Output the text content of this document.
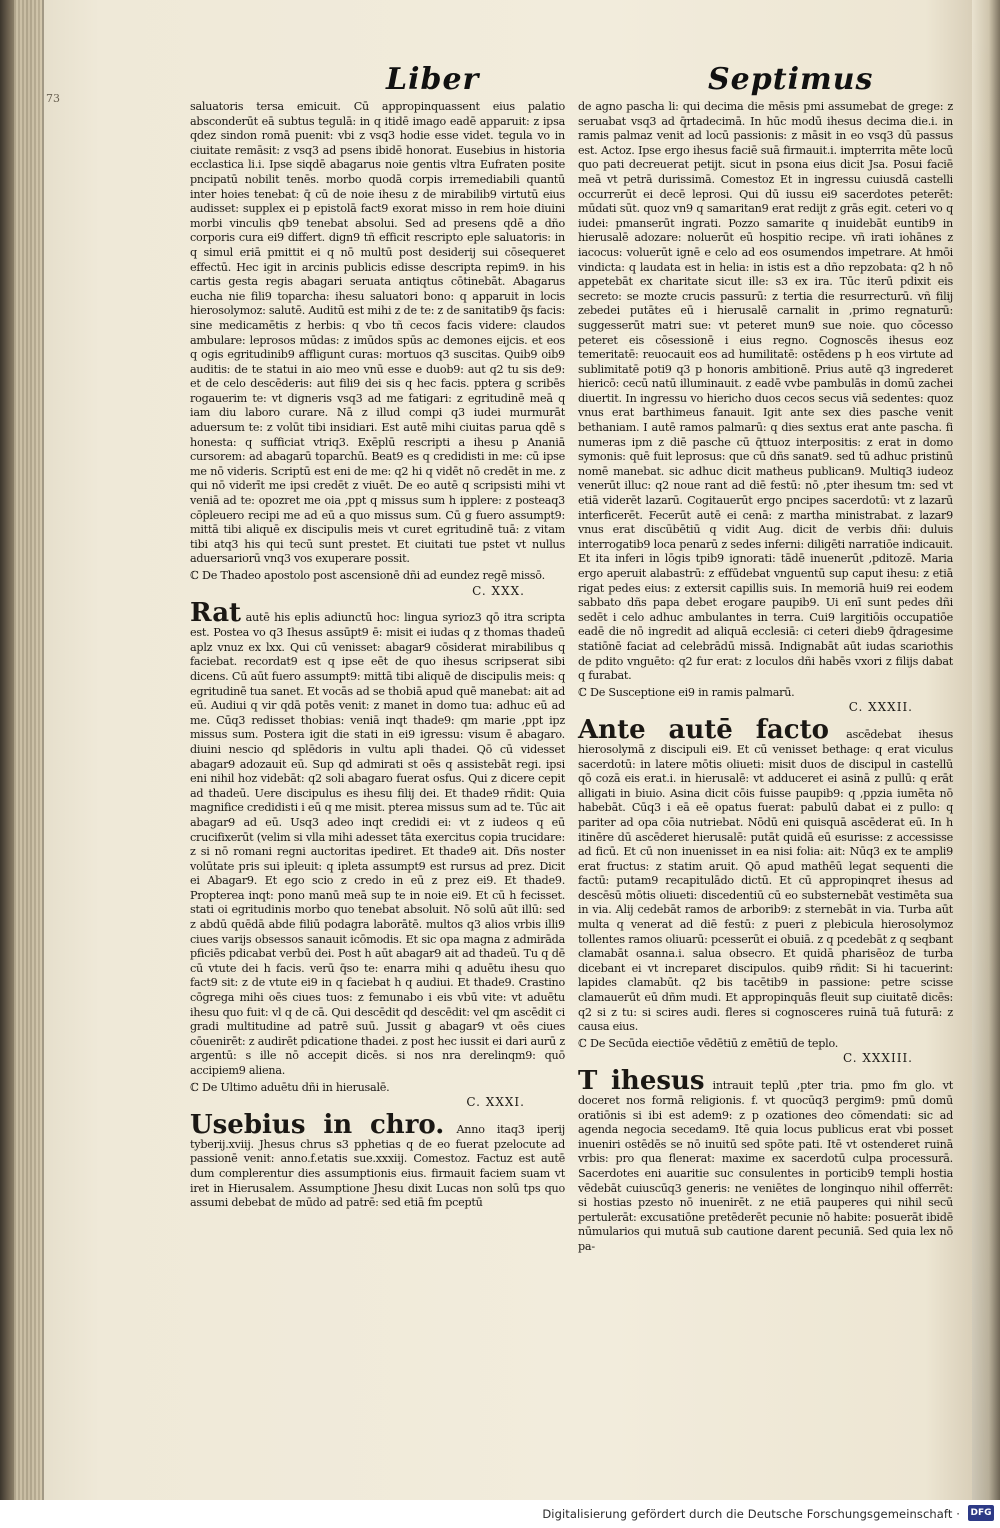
73
Liber	Septimus

saluatoris tersa emicuit. Cū appropinquassent eius palatio absconderūt eā subtus tegulā: in q itidē imago eadē apparuit: z ipsa qdez sindon romā puenit: vbi z vsq3 hodie esse videt. tegula vo in ciuitate remāsit: z vsq3 ad psens ibidē honorat. Eusebius in historia ecclastica li.i. Ipse siqdē abagarus noie gentis vltra Eufraten posite pncipatū nobilit tenēs. morbo quodā corpis irremediabili quantū inter hoies tenebat: q̄ cū de noie ihesu z de mirabilib9 virtutū eius audisset: supplex ei p epistolā fact9 exorat misso in rem hoie diuini morbi vinculis qb9 tenebat absolui. Sed ad presens qdē a dño corporis cura ei9 differt. dign9 tñ efficit rescripto eple saluatoris: in q simul eriā pmittit ei q nō multū post desiderij sui cōsequeret effectū. Hec igit in arcinis publicis edisse descripta repim9. in his cartis gesta regis abagari seruata antiqtus cōtinebāt. Abagarus eucha nie fili9 toparcha: ihesu saluatori bono: q apparuit in locis hierosolymoz: salutē. Auditū est mihi z de te: z de sanitatib9 q̄s facis: sine medicamētis z herbis: q vbo tñ cecos facis videre: claudos ambulare: leprosos mūdas: z imūdos spūs ac demones eijcis. et eos q ogis egritudinib9 affligunt curas: mortuos q3 suscitas. Quib9 oib9 auditis: de te statui in aio meo vnū esse e duob9: aut q2 tu sis de9: et de celo descēderis: aut fili9 dei sis q hec facis. pptera g scribēs rogauerim te: vt digneris vsq3 ad me fatigari: z egritudinē meā q iam diu laboro curare. Nā z illud compi q3 iudei murmurāt aduersum te: z volūt tibi insidiari. Est autē mihi ciuitas parua qdē s honesta: q sufficiat vtriq3. Exēplū rescripti a ihesu p Ananiā cursorem: ad abagarū toparchū. Beat9 es q credidisti in me: cū ipse me nō videris. Scriptū est eni de me: q2 hi q vidēt nō credēt in me. z qui nō viderīt me ipsi credēt z viuēt. De eo autē q scripsisti mihi vt veniā ad te: opozret me oia ,ppt q missus sum h ipplere: z posteaq3 cōpleuero recipi me ad eū a quo missus sum. Cū g fuero assumpt9: mittā tibi aliquē ex discipulis meis vt curet egritudinē tuā: z vitam tibi atq3 his qui tecū sunt prestet. Et ciuitati tue pstet vt nullus aduersariorū vnq3 vos exuperare possit.

ℂ De Thadeo apostolo post ascensionē dñi ad eundez regē missō.
C. XXX.

Rat autē his eplis adiunctū hoc: lingua syrioz3 qō itra scripta est. Postea vo q3 Ihesus assūpt9 ē: misit ei iudas q z thomas thadeū aplz vnuz ex lxx. Qui cū venisset: abagar9 cōsiderat mirabilibus q faciebat. recordat9 est q ipse eēt de quo ihesus scripserat sibi dicens. Cū aūt fuero assumpt9: mittā tibi aliquē de discipulis meis: q egritudinē tua sanet. Et vocās ad se thobiā apud quē manebat: ait ad eū. Audiui q vir qdā potēs venit: z manet in domo tua: adhuc eū ad me. Cūq3 redisset thobias: veniā inqt thade9: qm marie ,ppt ipz missus sum. Postera igit die stati in ei9 igressu: visum ē abagaro. diuini nescio qd splēdoris in vultu apli thadei. Qō cū videsset abagar9 adozauit eū. Sup qd admirati st oēs q assistebāt regi. ipsi eni nihil hoz videbāt: q2 soli abagaro fuerat osfus. Qui z dicere cepit ad thadeū. Uere discipulus es ihesu filij dei. Et thade9 rñdit: Quia magnifice credidisti i eū q me misit. pterea missus sum ad te. Tūc ait abagar9 ad eū. Usq3 adeo inqt credidi ei: vt z iudeos q eū crucifixerūt (velim si vlla mihi adesset tāta exercitus copia trucidare: z si nō romani regni auctoritas ipediret. Et thade9 ait. Dñs noster volūtate pris sui ipleuit: q ipleta assumpt9 est rursus ad prez. Dicit ei Abagar9. Et ego scio z credo in eū z prez ei9. Et thade9. Propterea inqt: pono manū meā sup te in noie ei9. Et cū h fecisset. stati oi egritudinis morbo quo tenebat absoluit. Nō solū aūt illū: sed z abdū quēdā abde filiū podagra laborātē. multos q3 alios vrbis illi9 ciues varijs obsessos sanauit icōmodis. Et sic opa magna z admirāda pficiēs pdicabat verbū dei. Post h aūt abagar9 ait ad thadeū. Tu q dē cū vtute dei h facis. verū q̄so te: enarra mihi q aduētu ihesu quo fact9 sit: z de vtute ei9 in q faciebat h q audiui. Et thade9. Crastino cōgrega mihi oēs ciues tuos: z femunabo i eis vbū vite: vt aduētu ihesu quo fuit: vl q de cā. Qui descēdit qd descēdit: vel qm ascēdit ci gradi multitudine ad patrē suū. Jussit g abagar9 vt oēs ciues cōuenirēt: z audirēt pdicatione thadei. z post hec iussit ei dari aurū z argentū: s ille nō accepit dicēs. si nos nra derelinqm9: quō accipiem9 aliena.

ℂ De Ultimo aduētu dñi in hierusalē.
C. XXXI.

Usebius in chro. Anno itaq3 iperij tyberij.xviij. Jhesus chrus s3 pphetias q de eo fuerat pzelocute ad passionē venit: anno.f.etatis sue.xxxiij. Comestoz. Factuz est autē dum complerentur dies assumptionis eius. firmauit faciem suam vt iret in Hierusalem. Assumptione Jhesu dixit Lucas non solū tps quo assumi debebat de mūdo ad patrē: sed etiā fm pceptū

de agno pascha li: qui decima die mēsis pmi assumebat de grege: z seruabat vsq3 ad q̄rtadecimā. In hūc modū ihesus decima die.i. in ramis palmaz venit ad locū passionis: z māsit in eo vsq3 dū passus est. Actoz. Ipse ergo ihesus faciē suā firmauit.i. impterrita mēte locū quo pati decreuerat petijt. sicut in psona eius dicit Jsa. Posui faciē meā vt petrā durissimā. Comestoz Et in ingressu cuiusdā castelli occurrerūt ei decē leprosi. Qui dū iussu ei9 sacerdotes peterēt: mūdati sūt. quoz vn9 q samaritan9 erat redijt z grās egit. ceteri vo q iudei: pmanserūt ingrati. Pozzo samarite q inuidebāt euntib9 in hierusalē adozare: noluerūt eū hospitio recipe. vñ irati iohānes z iacocus: voluerūt ignē e celo ad eos osumendos impetrare. At hmōi vindicta: q laudata est in helia: in istis est a dño repzobata: q2 h nō appetebāt ex charitate sicut ille: s3 ex ira. Tūc iterū pdixit eis secreto: se mozte crucis passurū: z tertia die resurrecturū. vñ filij zebedei putātes eū i hierusalē carnalit in ,primo regnaturū: suggesserūt matri sue: vt peteret mun9 sue noie. quo cōcesso peteret eis cōsessionē i eius regno. Cognoscēs ihesus eoz temeritatē: reuocauit eos ad humilitatē: ostēdens p h eos virtute ad sublimitatē poti9 q3 p honoris ambitionē. Prius autē q3 ingrederet hiericō: cecū natū illuminauit. z eadē vvbe pambulās in domū zachei diuertit. In ingressu vo hiericho duos cecos secus viā sedentes: quoz vnus erat barthimeus fanauit. Igit ante sex dies pasche venit bethaniam. I autē ramos palmarū: q dies sextus erat ante pascha. fi numeras ipm z diē pasche cū q̄ttuoz interpositis: z erat in domo symonis: quē fuit leprosus: que cū dñs sanat9. sed tū adhuc pristinū nomē manebat. sic adhuc dicit matheus publican9. Multiq3 iudeoz venerūt illuc: q2 noue rant ad diē festū: nō ,pter ihesum tm: sed vt etiā viderēt lazarū. Cogitauerūt ergo pncipes sacerdotū: vt z lazarū interficerēt. Fecerūt autē ei cenā: z martha ministrabat. z lazar9 vnus erat discūbētiū q vidit Aug. dicit de verbis dñi: duluis interrogatib9 loca penarū z sedes inferni: diligēti narratiōe indicauit. Et ita inferi in lōgis tpib9 ignorati: tādē inuenerūt ,pditozē. Maria ergo aperuit alabastrū: z effūdebat vnguentū sup caput ihesu: z etiā rigat pedes eius: z extersit capillis suis. In memoriā hui9 rei eodem sabbato dñs papa debet erogare paupib9. Ui enī sunt pedes dñi sedēt i celo adhuc ambulantes in terra. Cui9 largitiōis occupatiōe eadē die nō ingredit ad aliquā ecclesiā: ci ceteri dieb9 q̄dragesime statiōnē faciat ad celebrādū missā. Indignabāt aūt iudas scariothis de pdito vnguēto: q2 fur erat: z loculos dñi habēs vxori z filijs dabat q furabat.

ℂ De Susceptione ei9 in ramis palmarū.
C. XXXII.

Ante autē facto ascēdebat ihesus hierosolymā z discipuli ei9. Et cū venisset bethage: q erat viculus sacerdotū: in latere mōtis oliueti: misit duos de discipul in castellū qō cozā eis erat.i. in hierusalē: vt adduceret ei asinā z pullū: q erāt alligati in biuio. Asina dicit cōis fuisse paupib9: q ,ppzia iumēta nō habebāt. Cūq3 i eā eē opatus fuerat: pabulū dabat ei z pullo: q pariter ad opa cōia nutriebat. Nōdū eni quisquā ascēderat eū. In h itinēre dū ascēderet hierusalē: putāt quidā eū esurisse: z accessisse ad ficū. Et cū non inuenisset in ea nisi folia: ait: Nūq3 ex te ampli9 erat fructus: z statim aruit. Qō apud mathēū legat sequenti die factū: putam9 recapitulādo dictū. Et cū appropinqret ihesus ad descēsū mōtis oliueti: discedentiū cū eo substernebāt vestimēta sua in via. Alij cedebāt ramos de arborib9: z sternebāt in via. Turba aūt multa q venerat ad diē festū: z pueri z plebicula hierosolymoz tollentes ramos oliuarū: pcesserūt ei obuiā. z q pcedebāt z q seqbant clamabāt osanna.i. salua obsecro. Et quidā pharisēoz de turba dicebant ei vt increparet discipulos. quib9 rñdit: Si hi tacuerint: lapides clamabūt. q2 bis tacētib9 in passione: petre scisse clamauerūt eū dñm mudi. Et appropinquās fleuit sup ciuitatē dicēs: q2 si z tu: si scires audi. fleres si cognosceres ruinā tuā futurā: z causa eius.

ℂ De Secūda eiectiōe vēdētiū z emētiū de teplo.
C. XXXIII.

T ihesus intrauit teplū ,pter tria. pmo fm glo. vt doceret nos formā religionis. f. vt quocūq3 pergim9: pmū domū oratiōnis si ibi est adem9: z p ozationes deo cōmendati: sic ad agenda negocia secedam9. Itē quia locus publicus erat vbi posset inueniri ostēdēs se nō inuitū sed spōte pati. Itē vt ostenderet ruinā vrbis: pro qua flenerat: maxime ex sacerdotū culpa processurā. Sacerdotes eni auaritie suc consulentes in porticib9 templi hostia vēdebāt cuiuscūq3 generis: ne veniētes de longinquo nihil offerrēt: si hostias pzesto nō inuenirēt. z ne etiā pauperes qui nihil secū pertulerāt: excusatiōne pretēderēt pecunie nō habite: posuerāt ibidē nūmularios qui mutuā sub cautione darent pecuniā. Sed quia lex nō pa-

Digitalisierung gefördert durch die Deutsche Forschungsgemeinschaft · DFG
